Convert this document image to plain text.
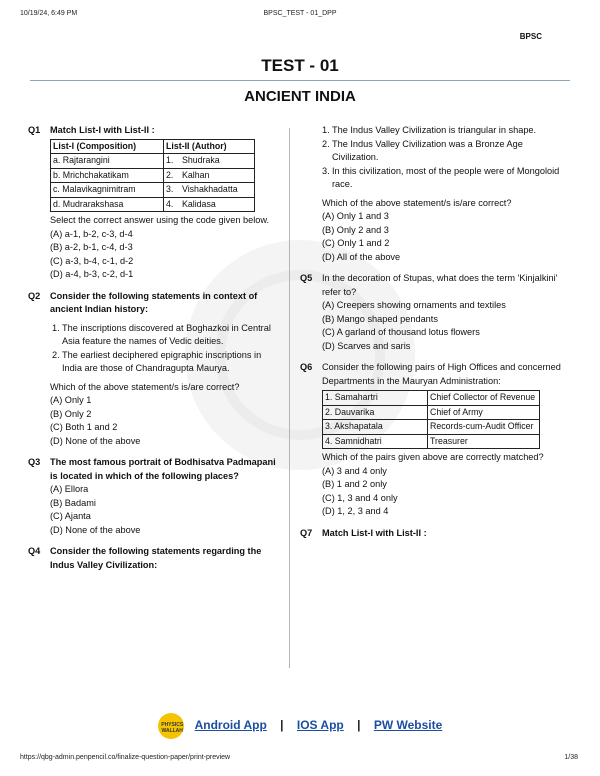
10/19/24, 6:49 PM	BPSC_TEST - 01_DPP
BPSC
TEST - 01
ANCIENT INDIA
Q1	Match List-I with List-II :
List-I (Composition)	List-II (Author)	
a. Rajtarangini	1.	Shudraka
b. Mrichchakatikam	2.	Kalhan
c. Malavikagnimitram	3.	Vishakhadatta
d. Mudrarakshasa	4.	Kalidasa
Select the correct answer using the code given below.
(A) a-1, b-2, c-3, d-4
(B) a-2, b-1, c-4, d-3
(C) a-3, b-4, c-1, d-2
(D) a-4, b-3, c-2, d-1
Q2	Consider the following statements in context of ancient Indian history:
1. The inscriptions discovered at Boghazkoi in Central Asia feature the names of Vedic deities.
2. The earliest deciphered epigraphic inscriptions in India are those of Chandragupta Maurya.
Which of the above statement/s is/are correct?
(A) Only 1
(B) Only 2
(C) Both 1 and 2
(D) None of the above
Q3	The most famous portrait of Bodhisatva Padmapani is located in which of the following places?
(A) Ellora
(B) Badami
(C) Ajanta
(D) None of the above
Q4	Consider the following statements regarding the Indus Valley Civilization:
1. The Indus Valley Civilization is triangular in shape.
2. The Indus Valley Civilization was a Bronze Age Civilization.
3. In this civilization, most of the people were of Mongoloid race.
Which of the above statement/s is/are correct?
(A) Only 1 and 3
(B) Only 2 and 3
(C) Only 1 and 2
(D) All of the above
Q5	In the decoration of Stupas, what does the term 'Kinjalkini' refer to?
(A) Creepers showing ornaments and textiles
(B) Mango shaped pendants
(C) A garland of thousand lotus flowers
(D) Scarves and saris
Q6	Consider the following pairs of High Offices and concerned Departments in the Mauryan Administration:
1. Samahartri	Chief Collector of Revenue
2. Dauvarika	Chief of Army
3. Akshapatala	Records-cum-Audit Officer
4. Samnidhatri	Treasurer
Which of the pairs given above are correctly matched?
(A) 3 and 4 only
(B) 1 and 2 only
(C) 1, 3 and 4 only
(D) 1, 2, 3 and 4
Q7	Match List-I with List-II :
PHYSICS WALLAH Android App | IOS App | PW Website
https://qbg-admin.penpencil.co/finalize-question-paper/print-preview	1/38
